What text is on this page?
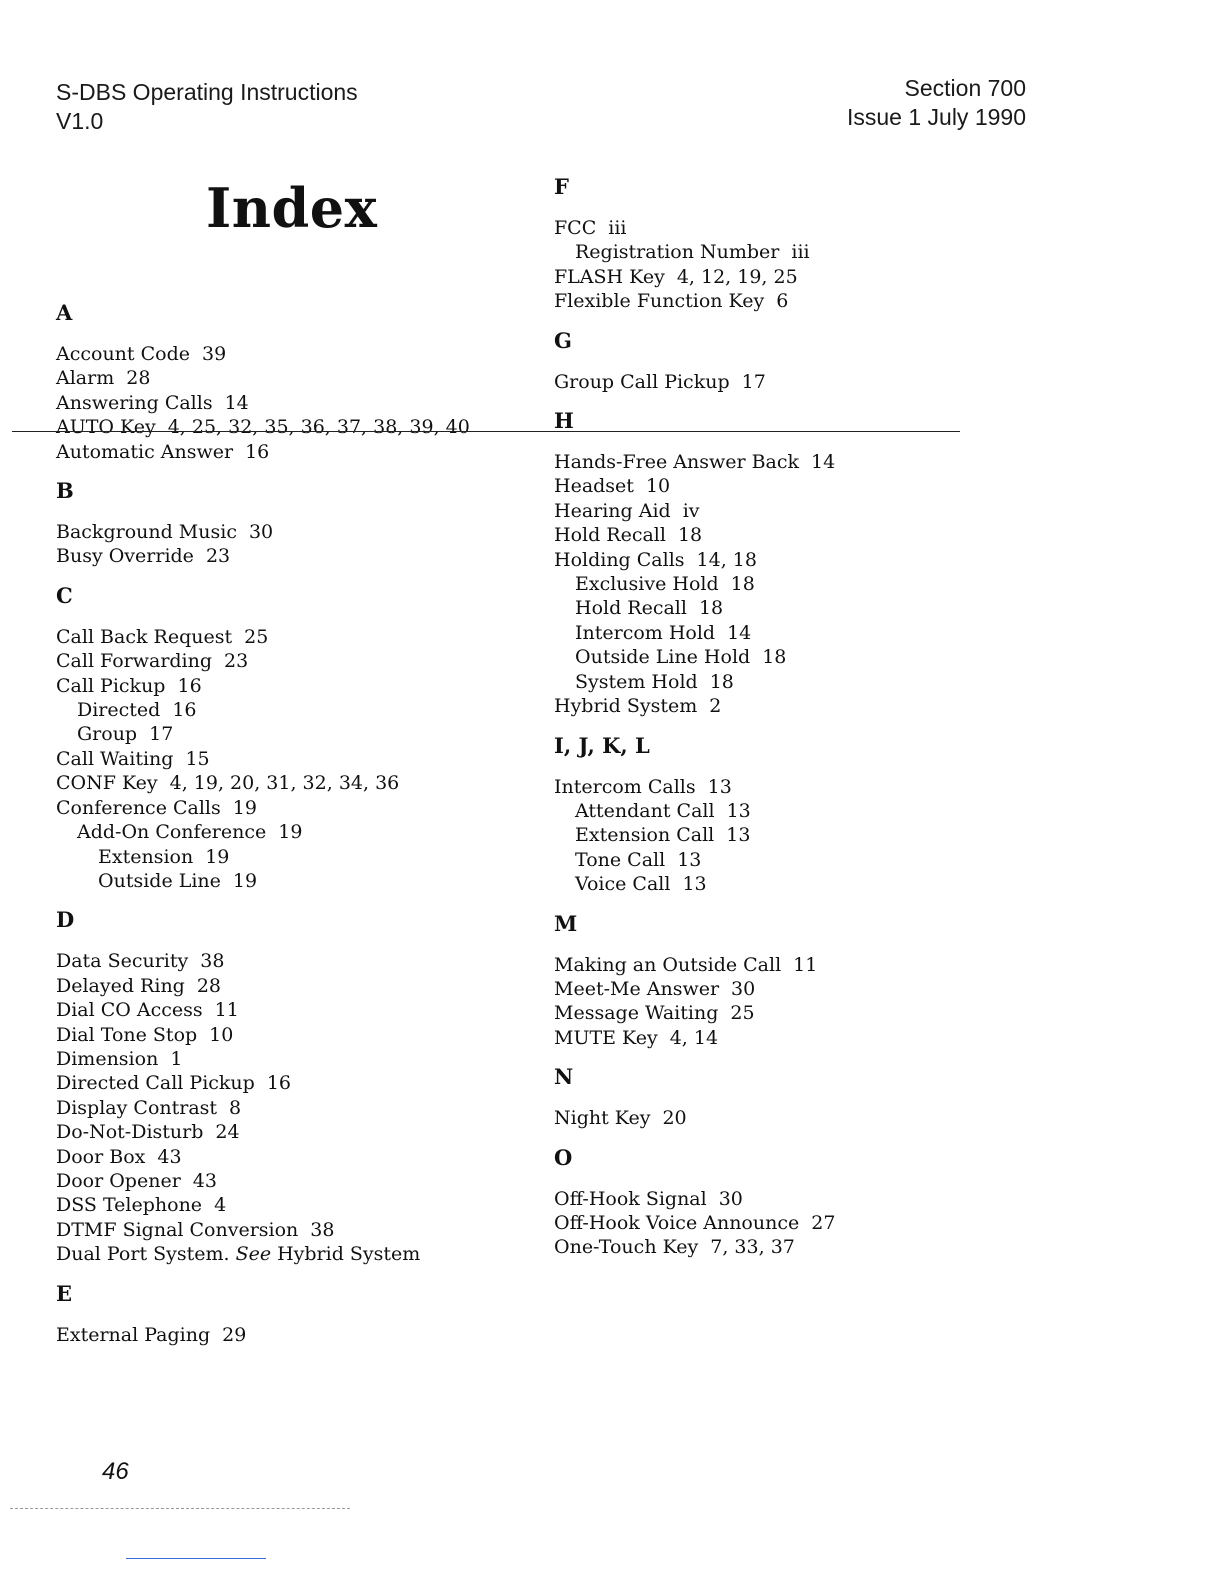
S-DBS Operating Instructions
V1.0
Section 700
Issue 1 July 1990
Index
A
Account Code 39
Alarm 28
Answering Calls 14
AUTO Key 4, 25, 32, 35, 36, 37, 38, 39, 40
Automatic Answer 16
B
Background Music 30
Busy Override 23
C
Call Back Request 25
Call Forwarding 23
Call Pickup 16
Directed 16
Group 17
Call Waiting 15
CONF Key 4, 19, 20, 31, 32, 34, 36
Conference Calls 19
Add-On Conference 19
Extension 19
Outside Line 19
D
Data Security 38
Delayed Ring 28
Dial CO Access 11
Dial Tone Stop 10
Dimension 1
Directed Call Pickup 16
Display Contrast 8
Do-Not-Disturb 24
Door Box 43
Door Opener 43
DSS Telephone 4
DTMF Signal Conversion 38
Dual Port System. See Hybrid System
E
External Paging 29
F
FCC iii
Registration Number iii
FLASH Key 4, 12, 19, 25
Flexible Function Key 6
G
Group Call Pickup 17
H
Hands-Free Answer Back 14
Headset 10
Hearing Aid iv
Hold Recall 18
Holding Calls 14, 18
Exclusive Hold 18
Hold Recall 18
Intercom Hold 14
Outside Line Hold 18
System Hold 18
Hybrid System 2
I, J, K, L
Intercom Calls 13
Attendant Call 13
Extension Call 13
Tone Call 13
Voice Call 13
M
Making an Outside Call 11
Meet-Me Answer 30
Message Waiting 25
MUTE Key 4, 14
N
Night Key 20
O
Off-Hook Signal 30
Off-Hook Voice Announce 27
One-Touch Key 7, 33, 37
46
